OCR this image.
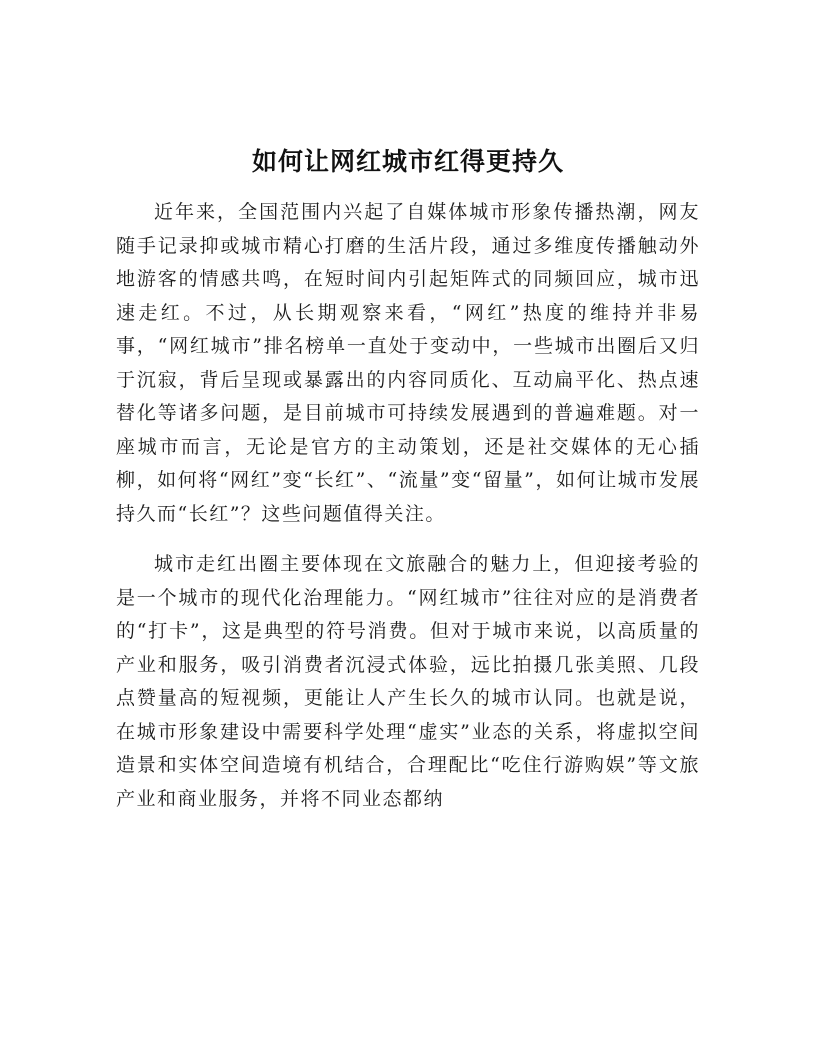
如何让网红城市红得更持久

近年来，全国范围内兴起了自媒体城市形象传播热潮，网友随手记录抑或城市精心打磨的生活片段，通过多维度传播触动外地游客的情感共鸣，在短时间内引起矩阵式的同频回应，城市迅速走红。不过，从长期观察来看，“网红”热度的维持并非易事，“网红城市”排名榜单一直处于变动中，一些城市出圈后又归于沉寂，背后呈现或暴露出的内容同质化、互动扁平化、热点速替化等诸多问题，是目前城市可持续发展遇到的普遍难题。对一座城市而言，无论是官方的主动策划，还是社交媒体的无心插柳，如何将“网红”变“长红”、“流量”变“留量”，如何让城市发展持久而“长红”？这些问题值得关注。

城市走红出圈主要体现在文旅融合的魅力上，但迎接考验的是一个城市的现代化治理能力。“网红城市”往往对应的是消费者的“打卡”，这是典型的符号消费。但对于城市来说，以高质量的产业和服务，吸引消费者沉浸式体验，远比拍摄几张美照、几段点赞量高的短视频，更能让人产生长久的城市认同。也就是说，在城市形象建设中需要科学处理“虚实”业态的关系，将虚拟空间造景和实体空间造境有机结合，合理配比“吃住行游购娱”等文旅产业和商业服务，并将不同业态都纳
